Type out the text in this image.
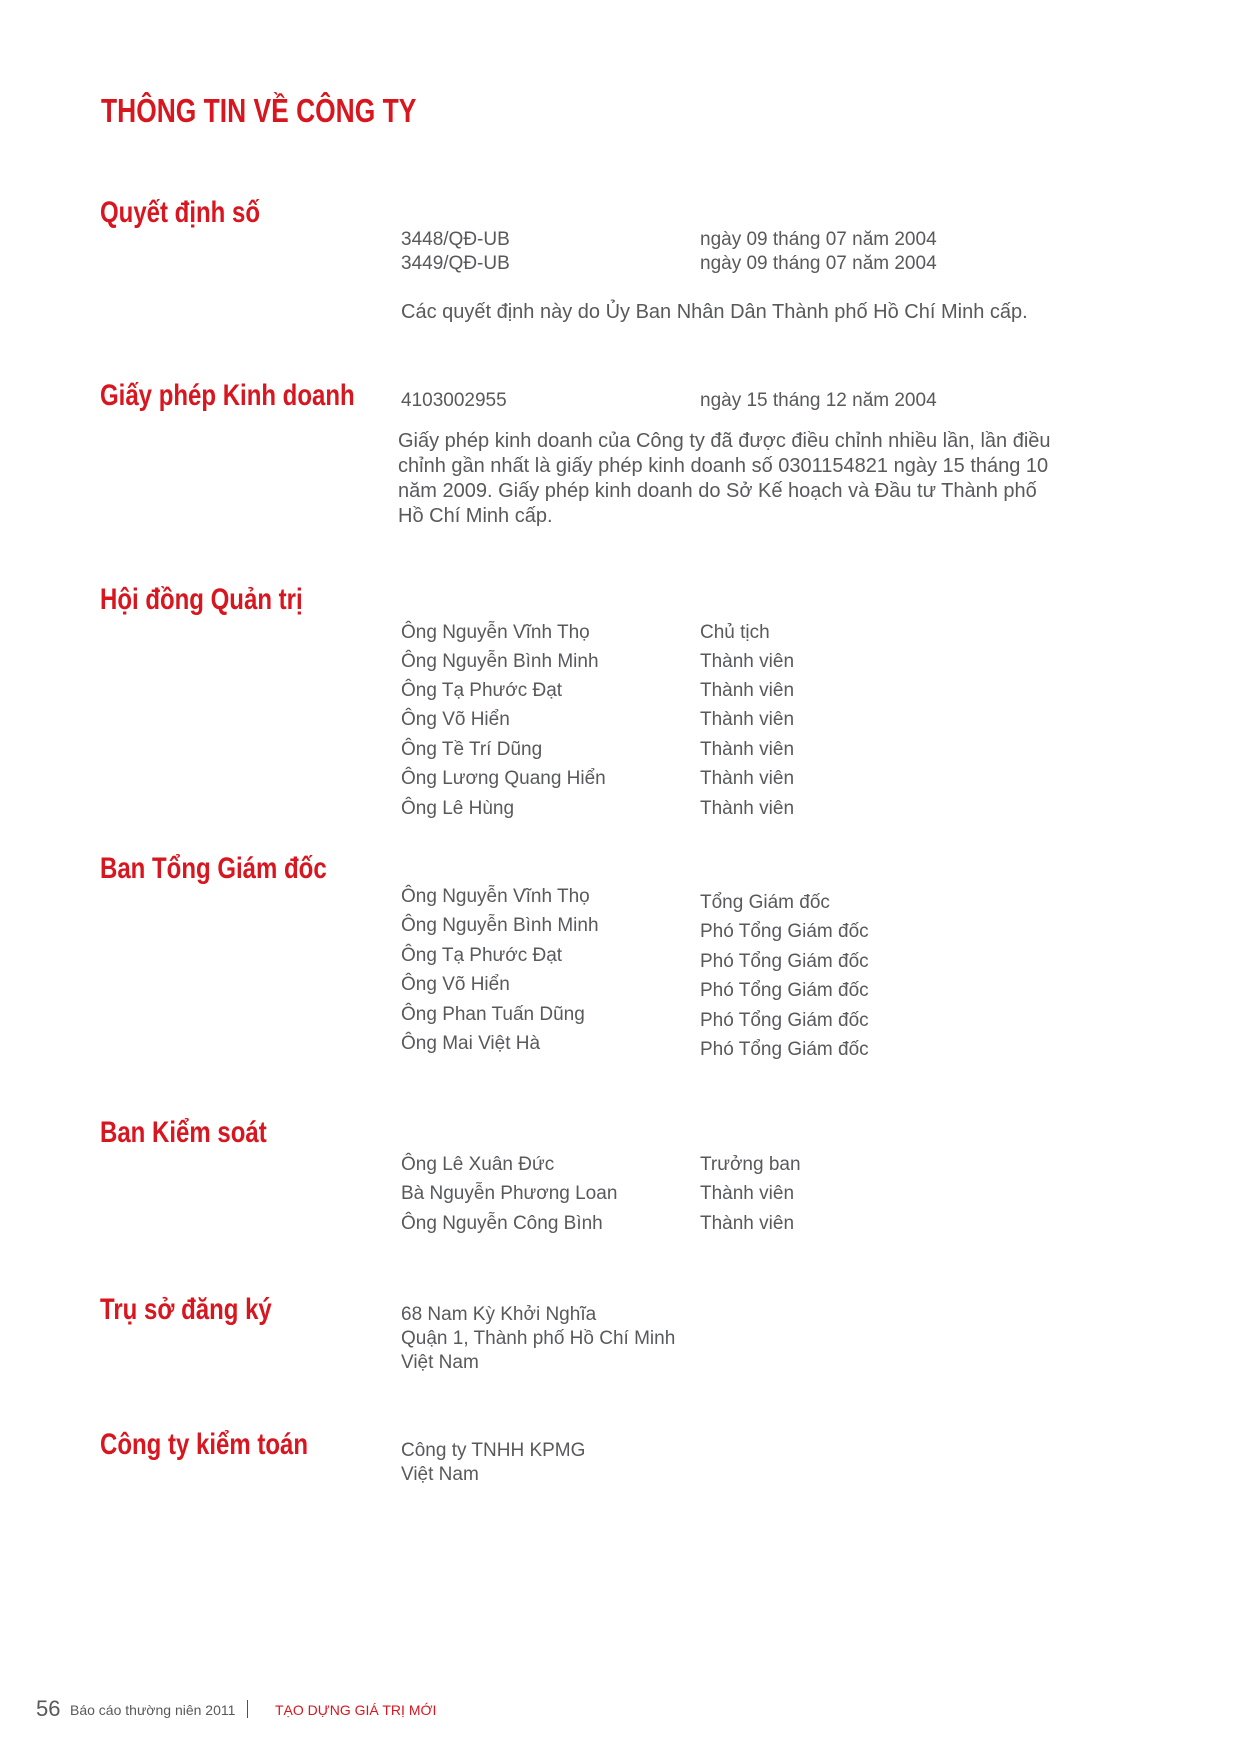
THÔNG TIN VỀ CÔNG TY
Quyết định số
3448/QĐ-UB	ngày 09 tháng 07 năm 2004
3449/QĐ-UB	ngày 09 tháng 07 năm 2004
Các quyết định này do Ủy Ban Nhân Dân Thành phố Hồ Chí Minh cấp.
Giấy phép Kinh doanh 4103002955	ngày 15 tháng 12 năm 2004
Giấy phép kinh doanh của Công ty đã được điều chỉnh nhiều lần, lần điều
chỉnh gần nhất là giấy phép kinh doanh số 0301154821 ngày 15 tháng 10
năm 2009. Giấy phép kinh doanh do Sở Kế hoạch và Đầu tư Thành phố
Hồ Chí Minh cấp.
Hội đồng Quản trị
Ông Nguyễn Vĩnh Thọ	Chủ tịch
Ông Nguyễn Bình Minh	Thành viên
Ông Tạ Phước Đạt	Thành viên
Ông Võ Hiển	Thành viên
Ông Tề Trí Dũng	Thành viên
Ông Lương Quang Hiển	Thành viên
Ông Lê Hùng	Thành viên
Ban Tổng Giám đốc
Ông Nguyễn Vĩnh Thọ	Tổng Giám đốc
Ông Nguyễn Bình Minh	Phó Tổng Giám đốc
Ông Tạ Phước Đạt	Phó Tổng Giám đốc
Ông Võ Hiển	Phó Tổng Giám đốc
Ông Phan Tuấn Dũng	Phó Tổng Giám đốc
Ông Mai Việt Hà	Phó Tổng Giám đốc
Ban Kiểm soát
Ông Lê Xuân Đức	Trưởng ban
Bà Nguyễn Phương Loan	Thành viên
Ông Nguyễn Công Bình	Thành viên
Trụ sở đăng ký	68 Nam Kỳ Khởi Nghĩa
Quận 1, Thành phố Hồ Chí Minh
Việt Nam
Công ty kiểm toán	Công ty TNHH KPMG
Việt Nam
56 Báo cáo thường niên 2011	TẠO DỰNG GIÁ TRỊ MỚI
